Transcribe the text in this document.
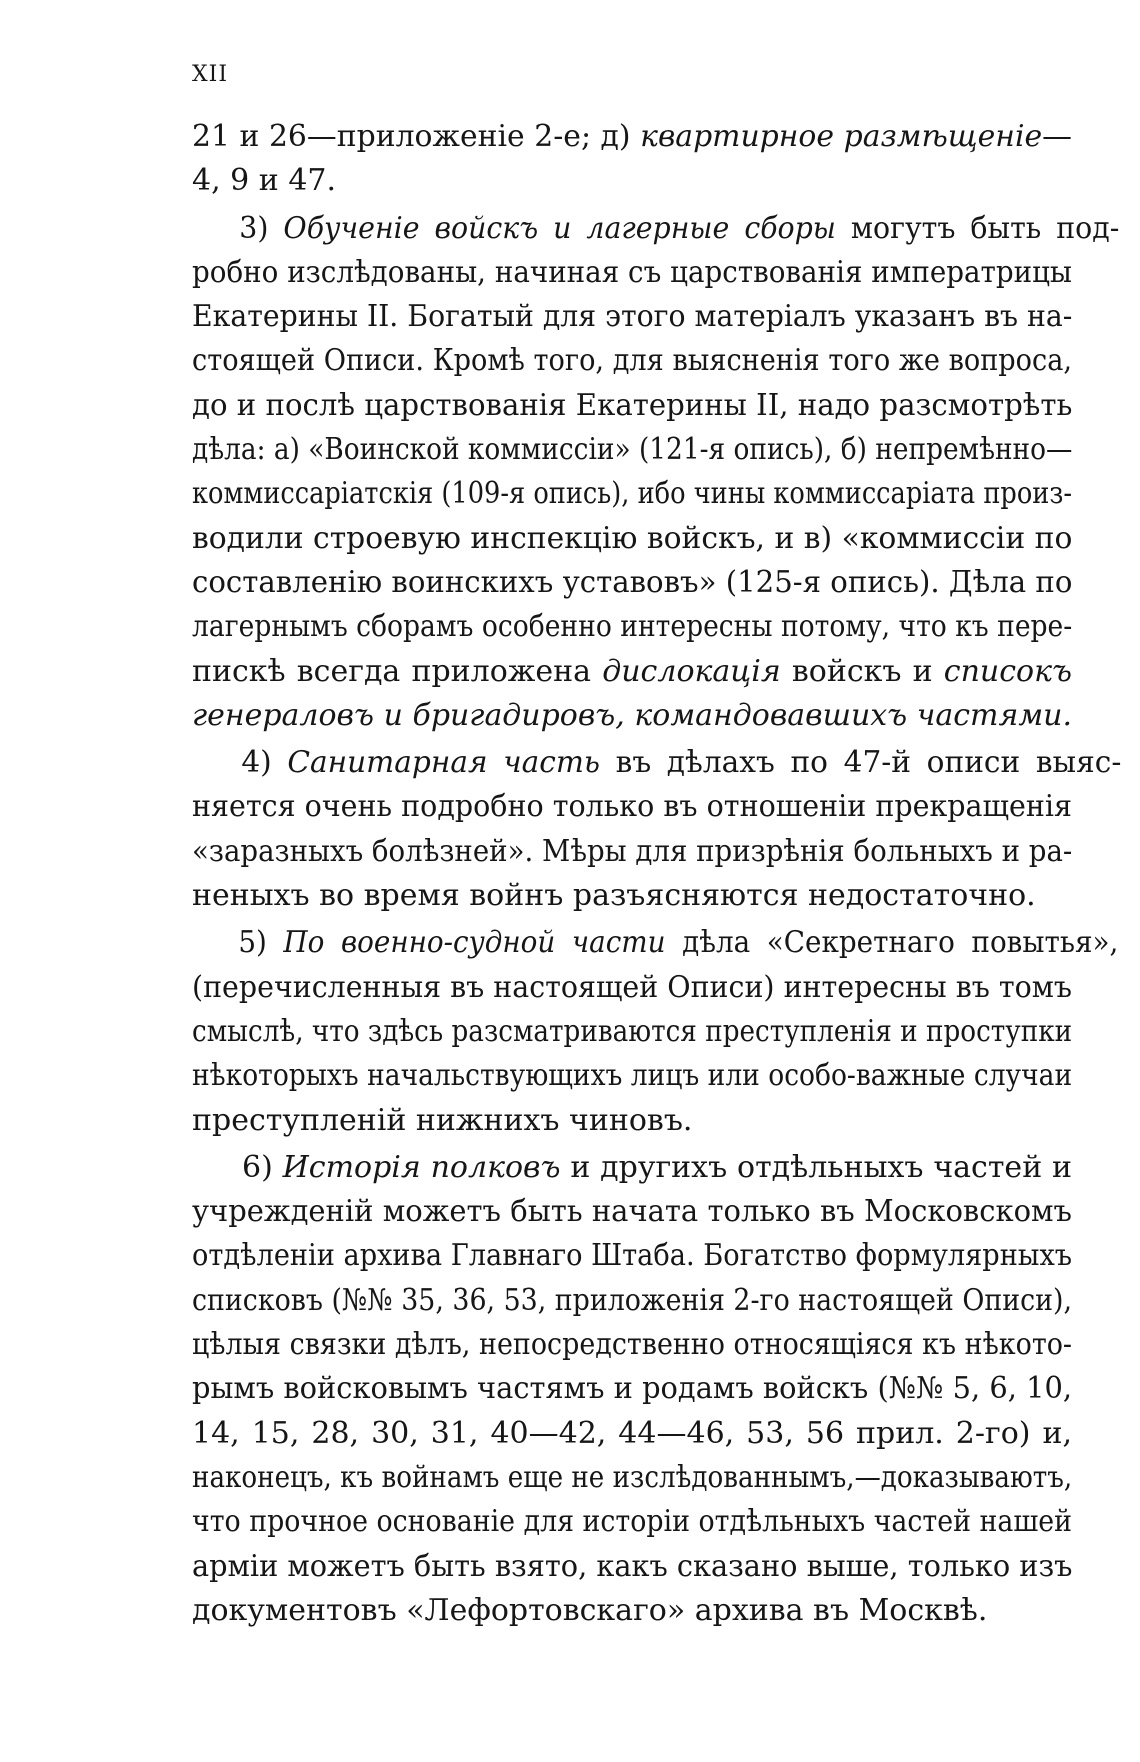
XII
21 и 26—приложеніе 2-е; д) квартирное размѣщеніе—
4, 9 и 47.
3) Обученіе войскъ и лагерные сборы могутъ быть под-
робно изслѣдованы, начиная съ царствованія императрицы
Екатерины II. Богатый для этого матеріалъ указанъ въ на-
стоящей Описи. Кромѣ того, для выясненія того же вопроса,
до и послѣ царствованія Екатерины II, надо разсмотрѣть
дѣла: а) «Воинской коммиссіи» (121-я опись), б) непремѣнно—
коммиссаріатскія (109-я опись), ибо чины коммиссаріата произ-
водили строевую инспекцію войскъ, и в) «коммиссіи по
составленію воинскихъ уставовъ» (125-я опись). Дѣла по
лагернымъ сборамъ особенно интересны потому, что къ пере-
пискѣ всегда приложена дислокація войскъ и списокъ
генераловъ и бригадировъ, командовавшихъ частями.
4) Санитарная часть въ дѣлахъ по 47-й описи выяс-
няется очень подробно только въ отношеніи прекращенія
«заразныхъ болѣзней». Мѣры для призрѣнія больныхъ и ра-
неныхъ во время войнъ разъясняются недостаточно.
5) По военно-судной части дѣла «Секретнаго повытья»,
(перечисленныя въ настоящей Описи) интересны въ томъ
смыслѣ, что здѣсь разсматриваются преступленія и проступки
нѣкоторыхъ начальствующихъ лицъ или особо-важные случаи
преступленій нижнихъ чиновъ.
6) Исторія полковъ и другихъ отдѣльныхъ частей и
учрежденій можетъ быть начата только въ Московскомъ
отдѣленіи архива Главнаго Штаба. Богатство формулярныхъ
списковъ (№№ 35, 36, 53, приложенія 2-го настоящей Описи),
цѣлыя связки дѣлъ, непосредственно относящіяся къ нѣкото-
рымъ войсковымъ частямъ и родамъ войскъ (№№ 5, 6, 10,
14, 15, 28, 30, 31, 40—42, 44—46, 53, 56 прил. 2-го) и,
наконецъ, къ войнамъ еще не изслѣдованнымъ,—доказываютъ,
что прочное основаніе для исторіи отдѣльныхъ частей нашей
арміи можетъ быть взято, какъ сказано выше, только изъ
документовъ «Лефортовскаго» архива въ Москвѣ.
